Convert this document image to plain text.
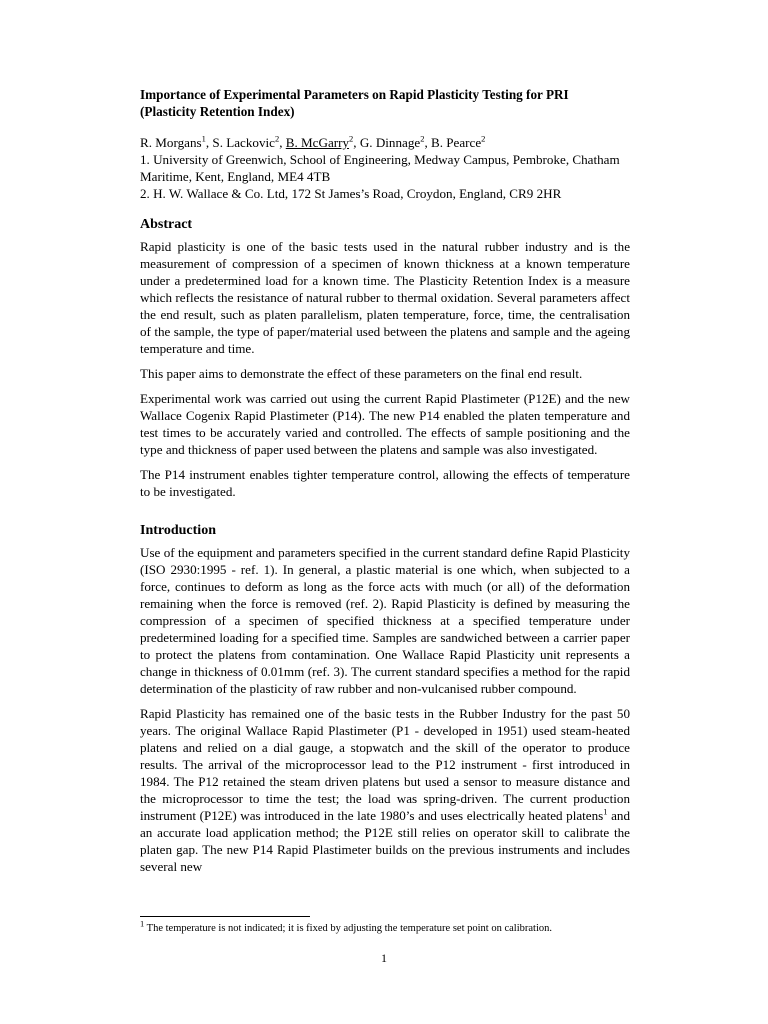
Importance of Experimental Parameters on Rapid Plasticity Testing for PRI
(Plasticity Retention Index)

R. Morgans$^1$, S. Lackovic$^2$, B. McGarry$^2$, G. Dinnage$^2$, B. Pearce$^2$

1. University of Greenwich, School of Engineering, Medway Campus, Pembroke, Chatham Maritime, Kent, England, ME4 4TB

2. H. W. Wallace & Co. Ltd, 172 St James’s Road, Croydon, England, CR9 2HR

Abstract

Rapid plasticity is one of the basic tests used in the natural rubber industry and is the measurement of compression of a specimen of known thickness at a known temperature under a predetermined load for a known time. The Plasticity Retention Index is a measure which reflects the resistance of natural rubber to thermal oxidation. Several parameters affect the end result, such as platen parallelism, platen temperature, force, time, the centralisation of the sample, the type of paper/material used between the platens and sample and the ageing temperature and time.

This paper aims to demonstrate the effect of these parameters on the final end result.

Experimental work was carried out using the current Rapid Plastimeter (P12E) and the new Wallace Cogenix Rapid Plastimeter (P14). The new P14 enabled the platen temperature and test times to be accurately varied and controlled. The effects of sample positioning and the type and thickness of paper used between the platens and sample was also investigated.

The P14 instrument enables tighter temperature control, allowing the effects of temperature to be investigated.

Introduction

Use of the equipment and parameters specified in the current standard define Rapid Plasticity (ISO 2930:1995 - ref. 1). In general, a plastic material is one which, when subjected to a force, continues to deform as long as the force acts with much (or all) of the deformation remaining when the force is removed (ref. 2). Rapid Plasticity is defined by measuring the compression of a specimen of specified thickness at a specified temperature under predetermined loading for a specified time. Samples are sandwiched between a carrier paper to protect the platens from contamination. One Wallace Rapid Plasticity unit represents a change in thickness of 0.01mm (ref. 3). The current standard specifies a method for the rapid determination of the plasticity of raw rubber and non-vulcanised rubber compound.

Rapid Plasticity has remained one of the basic tests in the Rubber Industry for the past 50 years. The original Wallace Rapid Plastimeter (P1 - developed in 1951) used steam-heated platens and relied on a dial gauge, a stopwatch and the skill of the operator to produce results. The arrival of the microprocessor lead to the P12 instrument - first introduced in 1984. The P12 retained the steam driven platens but used a sensor to measure distance and the microprocessor to time the test; the load was spring-driven. The current production instrument (P12E) was introduced in the late 1980’s and uses electrically heated platens$^1$ and an accurate load application method; the P12E still relies on operator skill to calibrate the platen gap. The new P14 Rapid Plastimeter builds on the previous instruments and includes several new

$^1$ The temperature is not indicated; it is fixed by adjusting the temperature set point on calibration.
1
